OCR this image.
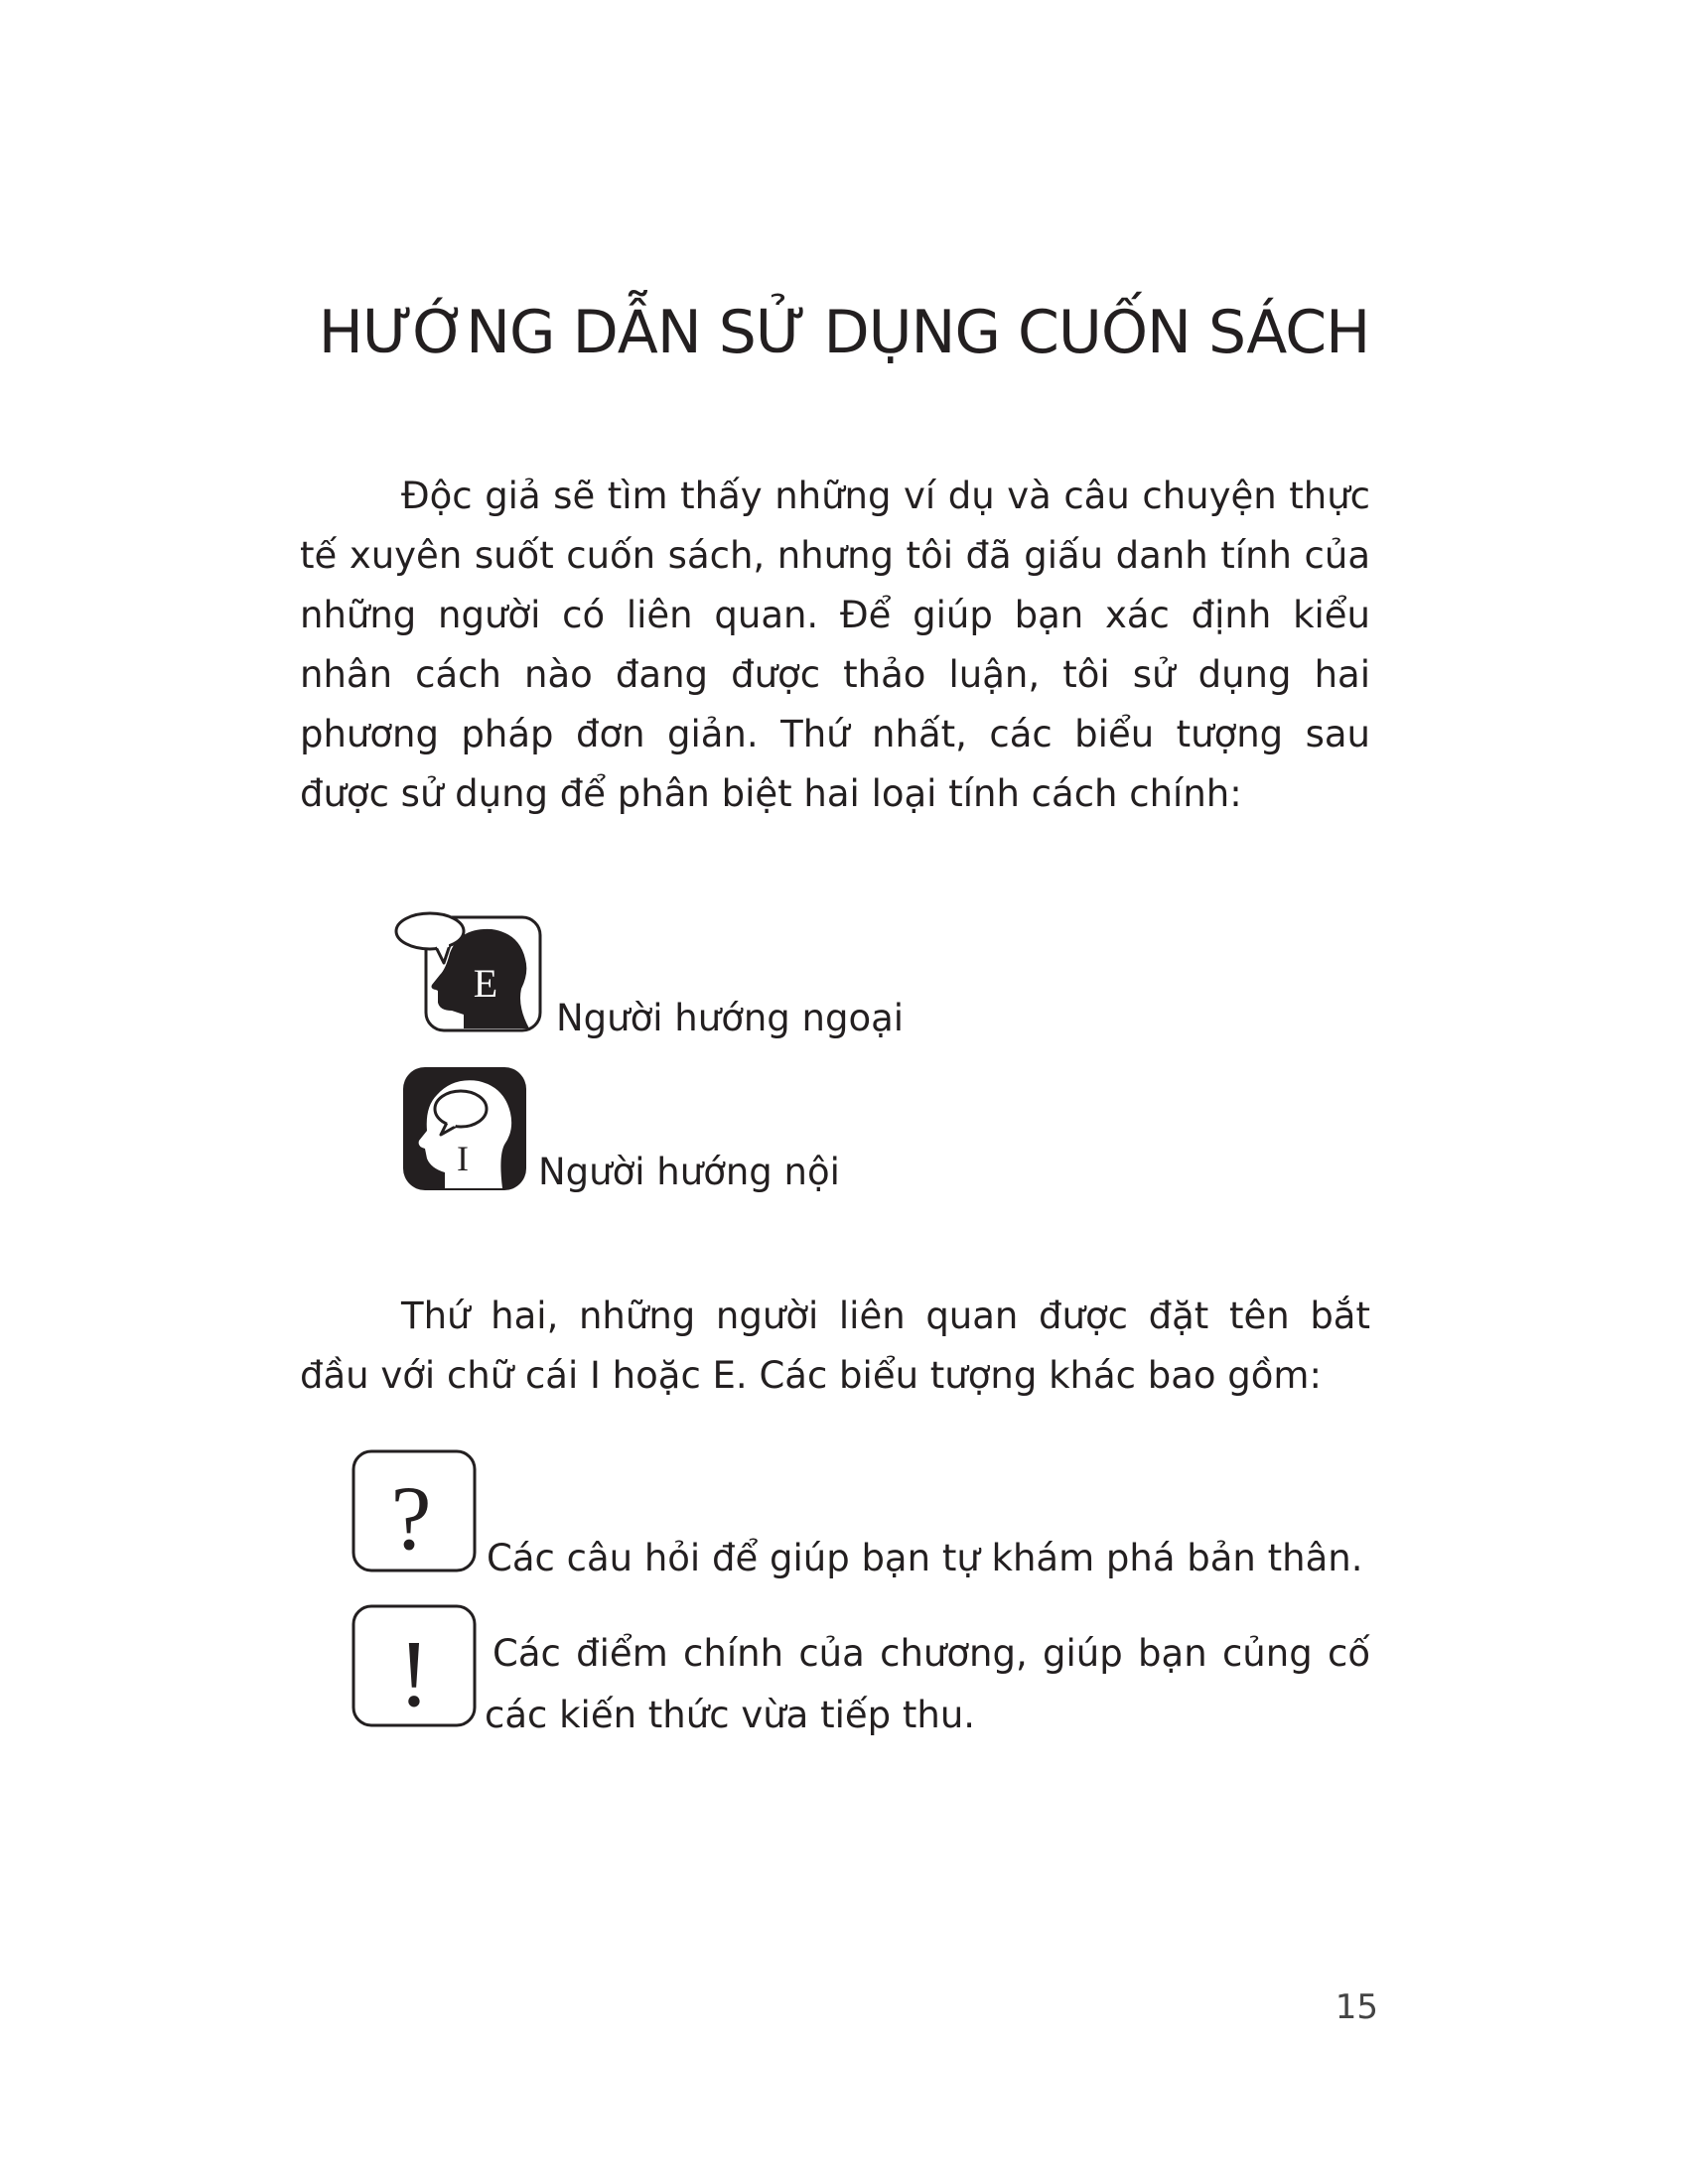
HƯỚNG DẪN SỬ DỤNG CUỐN SÁCH

Độc giả sẽ tìm thấy những ví dụ và câu chuyện thực tế xuyên suốt cuốn sách, nhưng tôi đã giấu danh tính của những người có liên quan. Để giúp bạn xác định kiểu nhân cách nào đang được thảo luận, tôi sử dụng hai phương pháp đơn giản. Thứ nhất, các biểu tượng sau được sử dụng để phân biệt hai loại tính cách chính:

E

Người hướng ngoại

I Người hướng nội

Thứ hai, những người liên quan được đặt tên bắt đầu với chữ cái I hoặc E. Các biểu tượng khác bao gồm:

? Các câu hỏi để giúp bạn tự khám phá bản thân.

! Các điểm chính của chương, giúp bạn củng cố

các kiến thức vừa tiếp thu.

15
